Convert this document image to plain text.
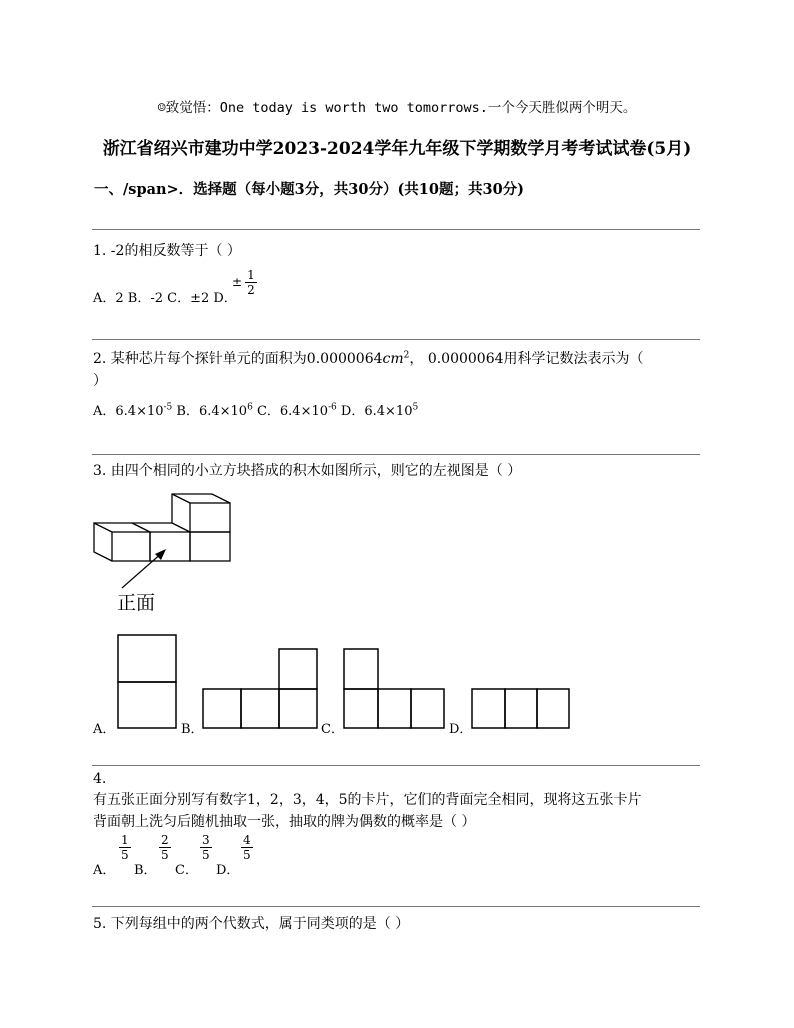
☺致觉悟：One today is worth two tomorrows.一个今天胜似两个明天。
浙江省绍兴市建功中学2023-2024学年九年级下学期数学月考考试试卷(5月)
一、/span>．选择题（每小题3分，共30分）(共10题；共30分)
1. -2的相反数等于（ ）
A．2 B．-2 C．±2 D．
± $\frac{1}{2}$
2. 某种芯片每个探针单元的面积为$0.0000064cm^2$， 0.0000064用科学记数法表示为（
）
A．$6.4\times 10^{-5}$ B．$6.4\times 10^6$ C．$6.4\times 10^{-6}$ D．$6.4\times 10^5$
3. 由四个相同的小立方块搭成的积木如图所示，则它的左视图是（ ）
正面
A．	B．	C．	D．
4.
有五张正面分别写有数字1，2，3，4，5的卡片，它们的背面完全相同，现将这五张卡片
背面朝上洗匀后随机抽取一张，抽取的牌为偶数的概率是（ ）
A．
$\frac{1}{5}$
B．
$\frac{2}{5}$
C．
$\frac{3}{5}$
D．
$\frac{4}{5}$
5. 下列每组中的两个代数式，属于同类项的是（ ）
